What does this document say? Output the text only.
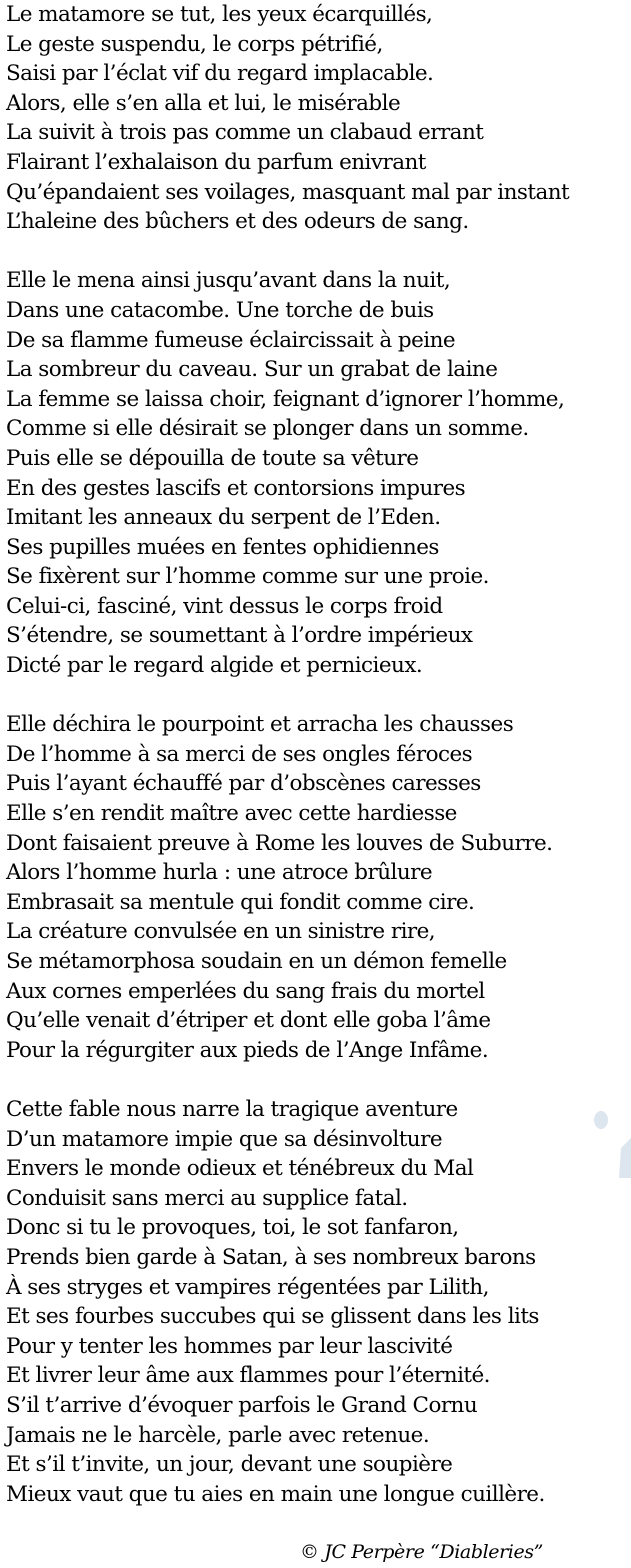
Le matamore se tut, les yeux écarquillés,
Le geste suspendu, le corps pétrifié,
Saisi par l’éclat vif du regard implacable.
Alors, elle s’en alla et lui, le misérable
La suivit à trois pas comme un clabaud errant
Flairant l’exhalaison du parfum enivrant
Qu’épandaient ses voilages, masquant mal par instant
L’haleine des bûchers et des odeurs de sang.
Elle le mena ainsi jusqu’avant dans la nuit,
Dans une catacombe. Une torche de buis
De sa flamme fumeuse éclaircissait à peine
La sombreur du caveau. Sur un grabat de laine
La femme se laissa choir, feignant d’ignorer l’homme,
Comme si elle désirait se plonger dans un somme.
Puis elle se dépouilla de toute sa vêture
En des gestes lascifs et contorsions impures
Imitant les anneaux du serpent de l’Eden.
Ses pupilles muées en fentes ophidiennes
Se fixèrent sur l’homme comme sur une proie.
Celui-ci, fasciné, vint dessus le corps froid
S’étendre, se soumettant à l’ordre impérieux
Dicté par le regard algide et pernicieux.
Elle déchira le pourpoint et arracha les chausses
De l’homme à sa merci de ses ongles féroces
Puis l’ayant échauffé par d’obscènes caresses
Elle s’en rendit maître avec cette hardiesse
Dont faisaient preuve à Rome les louves de Suburre.
Alors l’homme hurla : une atroce brûlure
Embrasait sa mentule qui fondit comme cire.
La créature convulsée en un sinistre rire,
Se métamorphosa soudain en un démon femelle
Aux cornes emperlées du sang frais du mortel
Qu’elle venait d’étriper et dont elle goba l’âme
Pour la régurgiter aux pieds de l’Ange Infâme.
Cette fable nous narre la tragique aventure
D’un matamore impie que sa désinvolture
Envers le monde odieux et ténébreux du Mal
Conduisit sans merci au supplice fatal.
Donc si tu le provoques, toi, le sot fanfaron,
Prends bien garde à Satan, à ses nombreux barons
À ses stryges et vampires régentées par Lilith,
Et ses fourbes succubes qui se glissent dans les lits
Pour y tenter les hommes par leur lascivité
Et livrer leur âme aux flammes pour l’éternité.
S’il t’arrive d’évoquer parfois le Grand Cornu
Jamais ne le harcèle, parle avec retenue.
Et s’il t’invite, un jour, devant une soupière
Mieux vaut que tu aies en main une longue cuillère.
© JC Perpère “Diableries”
